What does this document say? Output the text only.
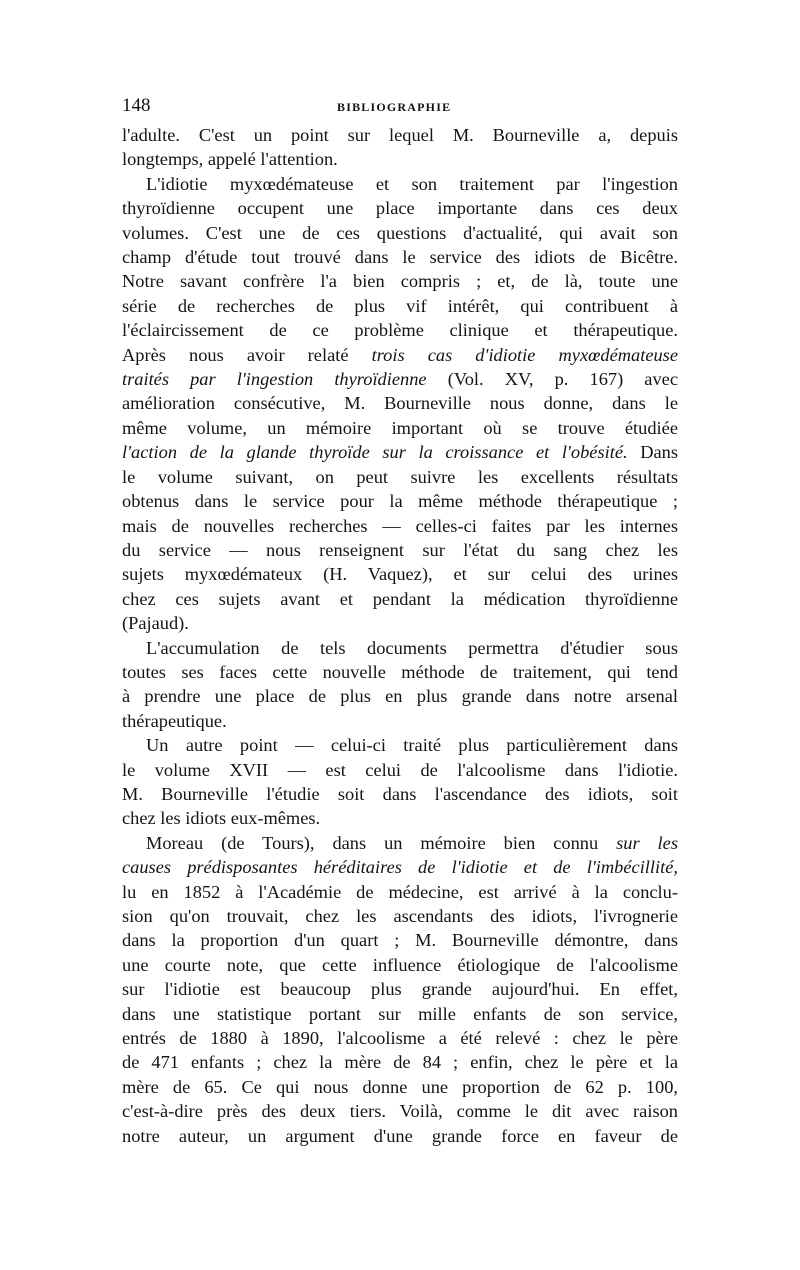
148	BIBLIOGRAPHIE
l'adulte. C'est un point sur lequel M. Bourneville a, depuis
longtemps, appelé l'attention.
L'idiotie myxœdémateuse et son traitement par l'ingestion
thyroïdienne occupent une place importante dans ces deux
volumes. C'est une de ces questions d'actualité, qui avait son
champ d'étude tout trouvé dans le service des idiots de Bicêtre.
Notre savant confrère l'a bien compris ; et, de là, toute une
série de recherches de plus vif intérêt, qui contribuent à
l'éclaircissement de ce problème clinique et thérapeutique.
Après nous avoir relaté trois cas d'idiotie myxœdémateuse
traités par l'ingestion thyroïdienne (Vol. XV, p. 167) avec
amélioration consécutive, M. Bourneville nous donne, dans le
même volume, un mémoire important où se trouve étudiée
l'action de la glande thyroïde sur la croissance et l'obésité. Dans
le volume suivant, on peut suivre les excellents résultats
obtenus dans le service pour la même méthode thérapeutique ;
mais de nouvelles recherches — celles-ci faites par les internes
du service — nous renseignent sur l'état du sang chez les
sujets myxœdémateux (H. Vaquez), et sur celui des urines
chez ces sujets avant et pendant la médication thyroïdienne
(Pajaud).
L'accumulation de tels documents permettra d'étudier sous
toutes ses faces cette nouvelle méthode de traitement, qui tend
à prendre une place de plus en plus grande dans notre arsenal
thérapeutique.
Un autre point — celui-ci traité plus particulièrement dans
le volume XVII — est celui de l'alcoolisme dans l'idiotie.
M. Bourneville l'étudie soit dans l'ascendance des idiots, soit
chez les idiots eux-mêmes.
Moreau (de Tours), dans un mémoire bien connu sur les
causes prédisposantes héréditaires de l'idiotie et de l'imbécillité,
lu en 1852 à l'Académie de médecine, est arrivé à la conclu-
sion qu'on trouvait, chez les ascendants des idiots, l'ivrognerie
dans la proportion d'un quart ; M. Bourneville démontre, dans
une courte note, que cette influence étiologique de l'alcoolisme
sur l'idiotie est beaucoup plus grande aujourd'hui. En effet,
dans une statistique portant sur mille enfants de son service,
entrés de 1880 à 1890, l'alcoolisme a été relevé : chez le père
de 471 enfants ; chez la mère de 84 ; enfin, chez le père et la
mère de 65. Ce qui nous donne une proportion de 62 p. 100,
c'est-à-dire près des deux tiers. Voilà, comme le dit avec raison
notre auteur, un argument d'une grande force en faveur de
